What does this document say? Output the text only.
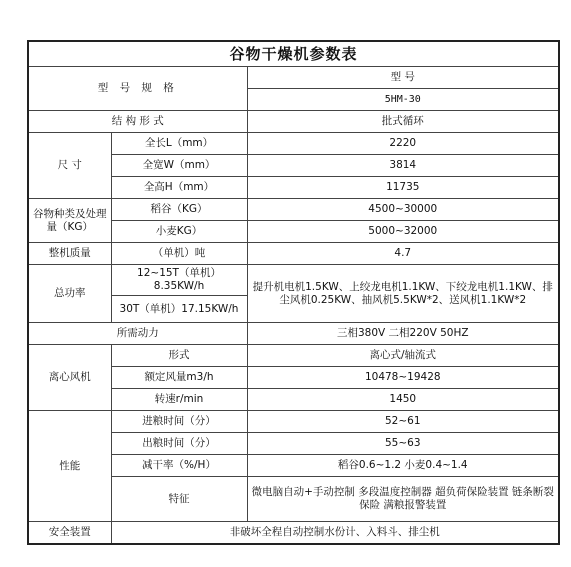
谷物干燥机参数表		
型 号 规 格		型 号
		5HM-30
结 构 形 式		批式循环
尺 寸	全长L（mm）	2220
	全宽W（mm）	3814
	全高H（mm）	11735
谷物种类及处理量（KG）	稻谷（KG）	4500~30000
	小麦KG）	5000~32000
整机质量	（单机）吨	4.7
总功率	12~15T（单机）8.35KW/h	提升机电机1.5KW、上绞龙电机1.1KW、下绞龙电机1.1KW、排尘风机0.25KW、抽风机5.5KW*2、送风机1.1KW*2
	30T（单机）17.15KW/h	
所需动力		三相380V 二相220V 50HZ
离心风机	形式	离心式/轴流式
	额定风量m3/h	10478~19428
	转速r/min	1450
性能	进粮时间（分）	52~61
	出粮时间（分）	55~63
	减干率（%/H）	稻谷0.6~1.2 小麦0.4~1.4
	特征	微电脑自动+手动控制 多段温度控制器 超负荷保险装置 链条断裂保险 满粮报警装置
安全装置	非破坏全程自动控制水份计、入料斗、排尘机	
